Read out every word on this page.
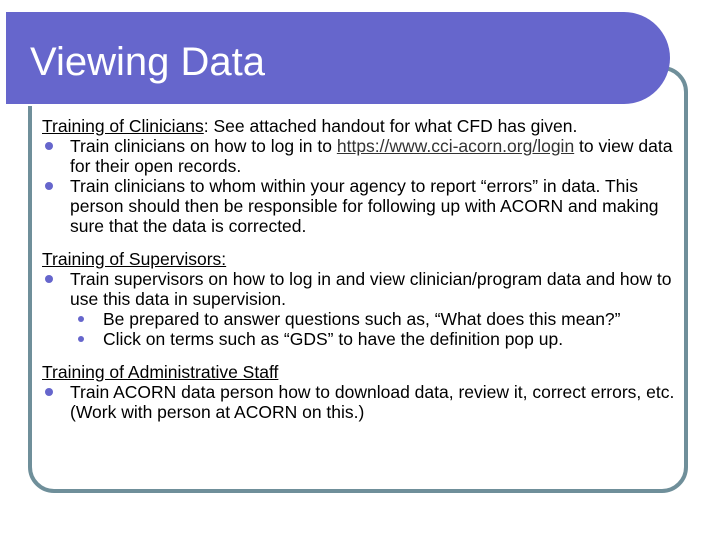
Viewing Data

Training of Clinicians: See attached handout for what CFD has given.

Train clinicians on how to log in to https://www.cci-acorn.org/login to view data for their open records.
Train clinicians to whom within your agency to report “errors” in data. This person should then be responsible for following up with ACORN and making sure that the data is corrected.

Training of Supervisors:

Train supervisors on how to log in and view clinician/program data and how to use this data in supervision.
Be prepared to answer questions such as, “What does this mean?”
Click on terms such as “GDS” to have the definition pop up.

Training of Administrative Staff

Train ACORN data person how to download data, review it, correct errors, etc. (Work with person at ACORN on this.)
